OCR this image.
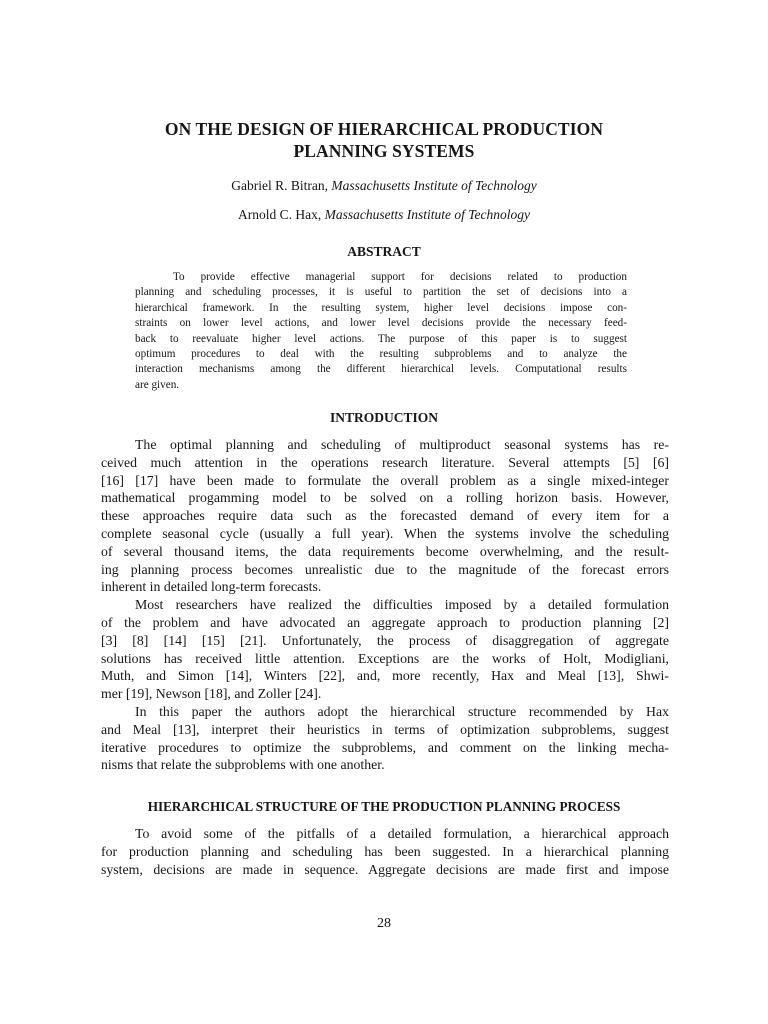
ON THE DESIGN OF HIERARCHICAL PRODUCTION
PLANNING SYSTEMS
Gabriel R. Bitran, Massachusetts Institute of Technology
Arnold C. Hax, Massachusetts Institute of Technology
ABSTRACT
To provide effective managerial support for decisions related to production
planning and scheduling processes, it is useful to partition the set of decisions into a
hierarchical framework. In the resulting system, higher level decisions impose con-
straints on lower level actions, and lower level decisions provide the necessary feed-
back to reevaluate higher level actions. The purpose of this paper is to suggest
optimum procedures to deal with the resulting subproblems and to analyze the
interaction mechanisms among the different hierarchical levels. Computational results
are given.
INTRODUCTION
The optimal planning and scheduling of multiproduct seasonal systems has re-
ceived much attention in the operations research literature. Several attempts [5] [6]
[16] [17] have been made to formulate the overall problem as a single mixed-integer
mathematical progamming model to be solved on a rolling horizon basis. However,
these approaches require data such as the forecasted demand of every item for a
complete seasonal cycle (usually a full year). When the systems involve the scheduling
of several thousand items, the data requirements become overwhelming, and the result-
ing planning process becomes unrealistic due to the magnitude of the forecast errors
inherent in detailed long-term forecasts.
Most researchers have realized the difficulties imposed by a detailed formulation
of the problem and have advocated an aggregate approach to production planning [2]
[3] [8] [14] [15] [21]. Unfortunately, the process of disaggregation of aggregate
solutions has received little attention. Exceptions are the works of Holt, Modigliani,
Muth, and Simon [14], Winters [22], and, more recently, Hax and Meal [13], Shwi-
mer [19], Newson [18], and Zoller [24].
In this paper the authors adopt the hierarchical structure recommended by Hax
and Meal [13], interpret their heuristics in terms of optimization subproblems, suggest
iterative procedures to optimize the subproblems, and comment on the linking mecha-
nisms that relate the subproblems with one another.
HIERARCHICAL STRUCTURE OF THE PRODUCTION PLANNING PROCESS
To avoid some of the pitfalls of a detailed formulation, a hierarchical approach
for production planning and scheduling has been suggested. In a hierarchical planning
system, decisions are made in sequence. Aggregate decisions are made first and impose
28
